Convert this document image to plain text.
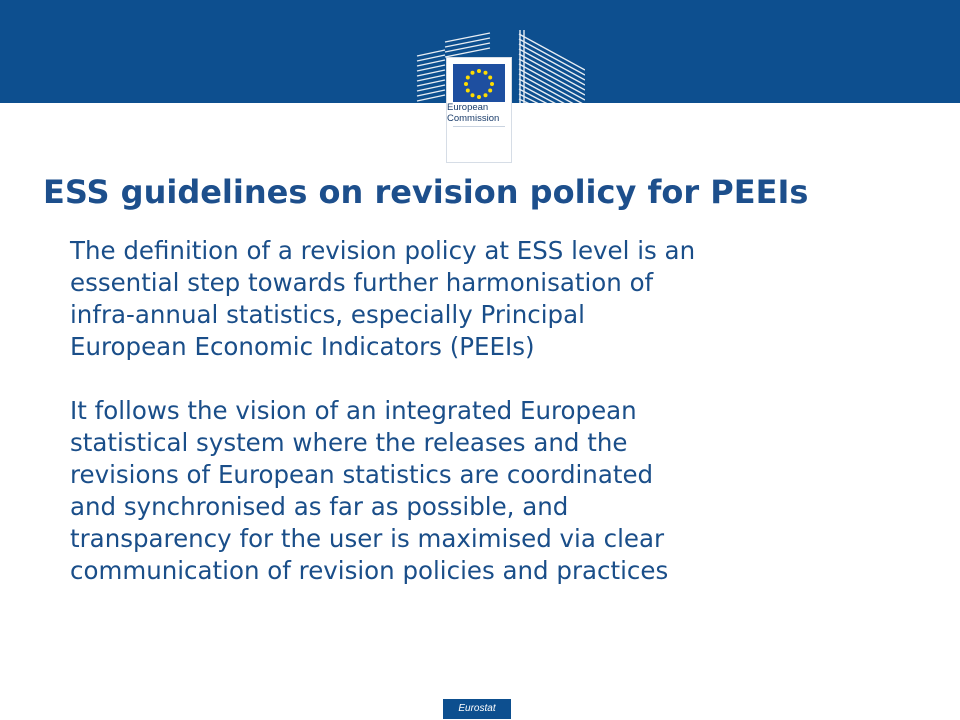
European
Commission
ESS guidelines on revision policy for PEEIs

The definition of a revision policy at ESS level is an
essential step towards further harmonisation of
infra-annual statistics, especially Principal
European Economic Indicators (PEEIs)

It follows the vision of an integrated European
statistical system where the releases and the
revisions of European statistics are coordinated
and synchronised as far as possible, and
transparency for the user is maximised via clear
communication of revision policies and practices

Eurostat
